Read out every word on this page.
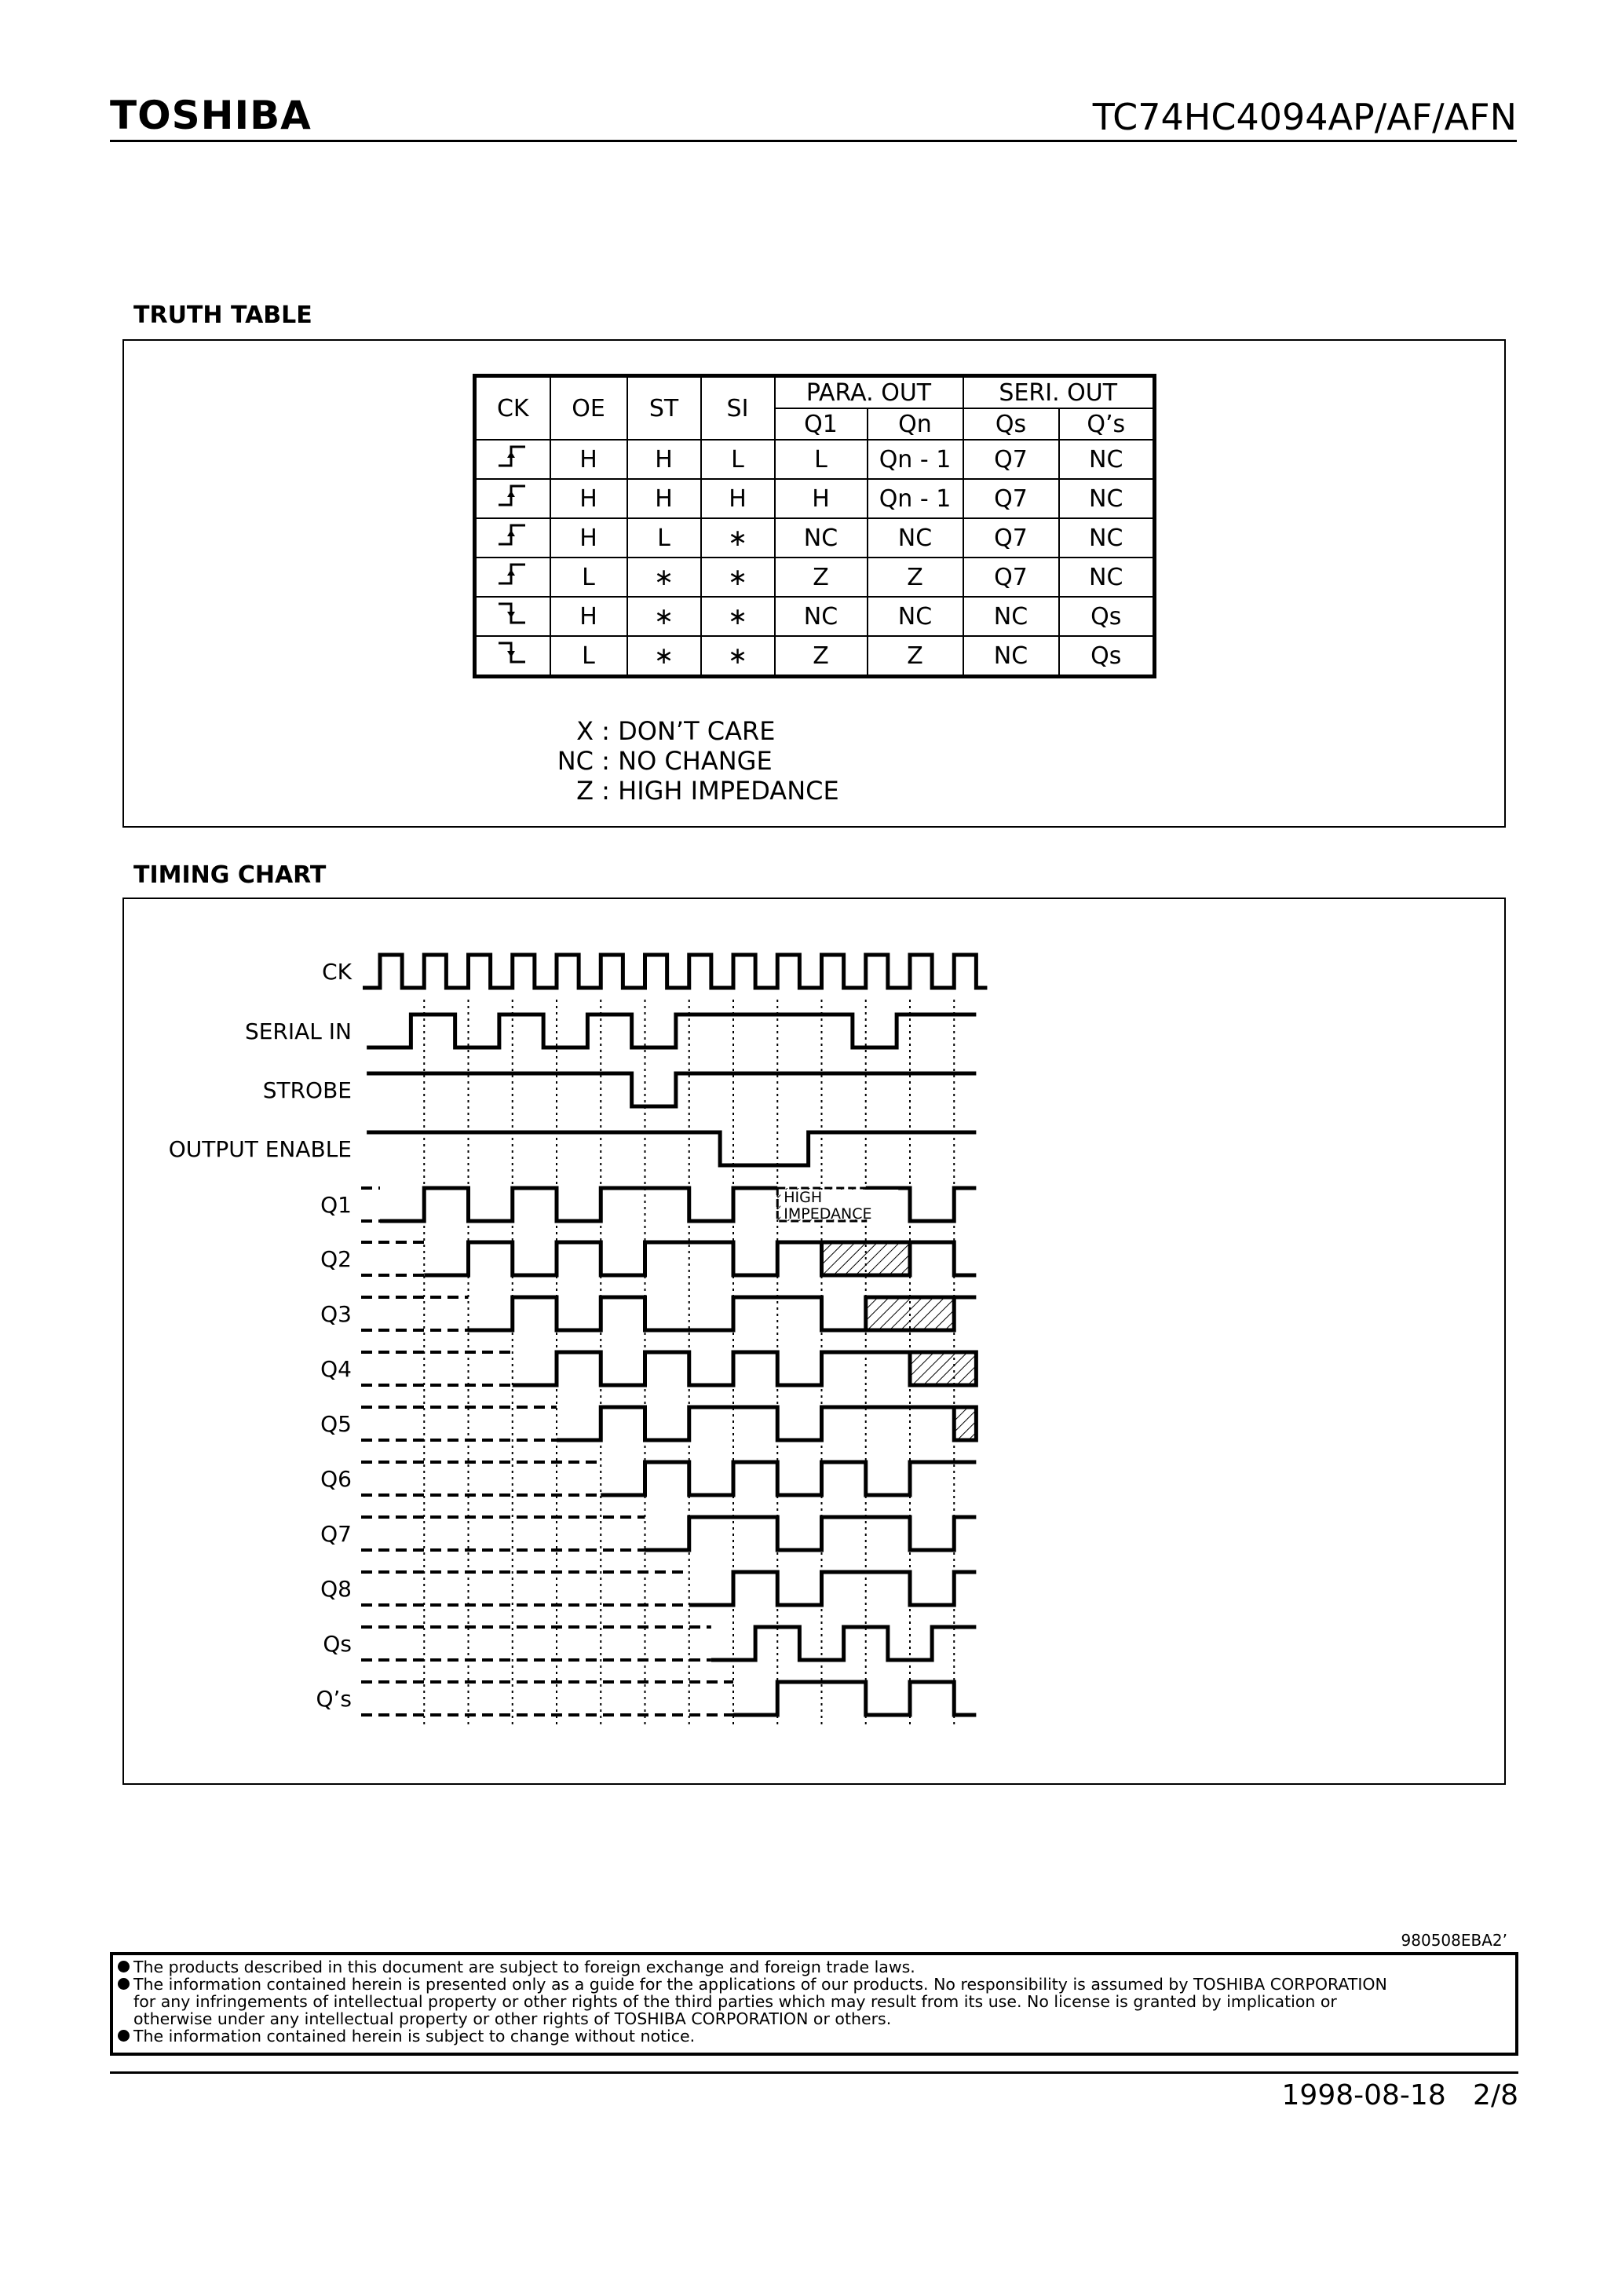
TOSHIBA	TC74HC4094AP/AF/AFN
TRUTH TABLE
CK	OE	ST	SI	PARA. OUT		SERI. OUT	
				Q1	Qn	Qs	Q’s
	H	H	L	L	Qn - 1	Q7	NC
	H	H	H	H	Qn - 1	Q7	NC
	H	L	∗	NC	NC	Q7	NC
	L	∗	∗	Z	Z	Q7	NC
	H	∗	∗	NC	NC	NC	Qs
	L	∗	∗	Z	Z	NC	Qs
X : DON’T CARE
NC : NO CHANGE
Z : HIGH IMPEDANCE
TIMING CHART
CK
SERIAL IN
STROBE
OUTPUT ENABLE
Q1
Q2
Q3
Q4
Q5
Q6
Q7
Q8
Qs
Q’s
HIGH
IMPEDANCE
980508EBA2’
The products described in this document are subject to foreign exchange and foreign trade laws.
The information contained herein is presented only as a guide for the applications of our products. No responsibility is assumed by TOSHIBA CORPORATION
for any infringements of intellectual property or other rights of the third parties which may result from its use. No license is granted by implication or
otherwise under any intellectual property or other rights of TOSHIBA CORPORATION or others.
The information contained herein is subject to change without notice.
1998-08-18   2/8
